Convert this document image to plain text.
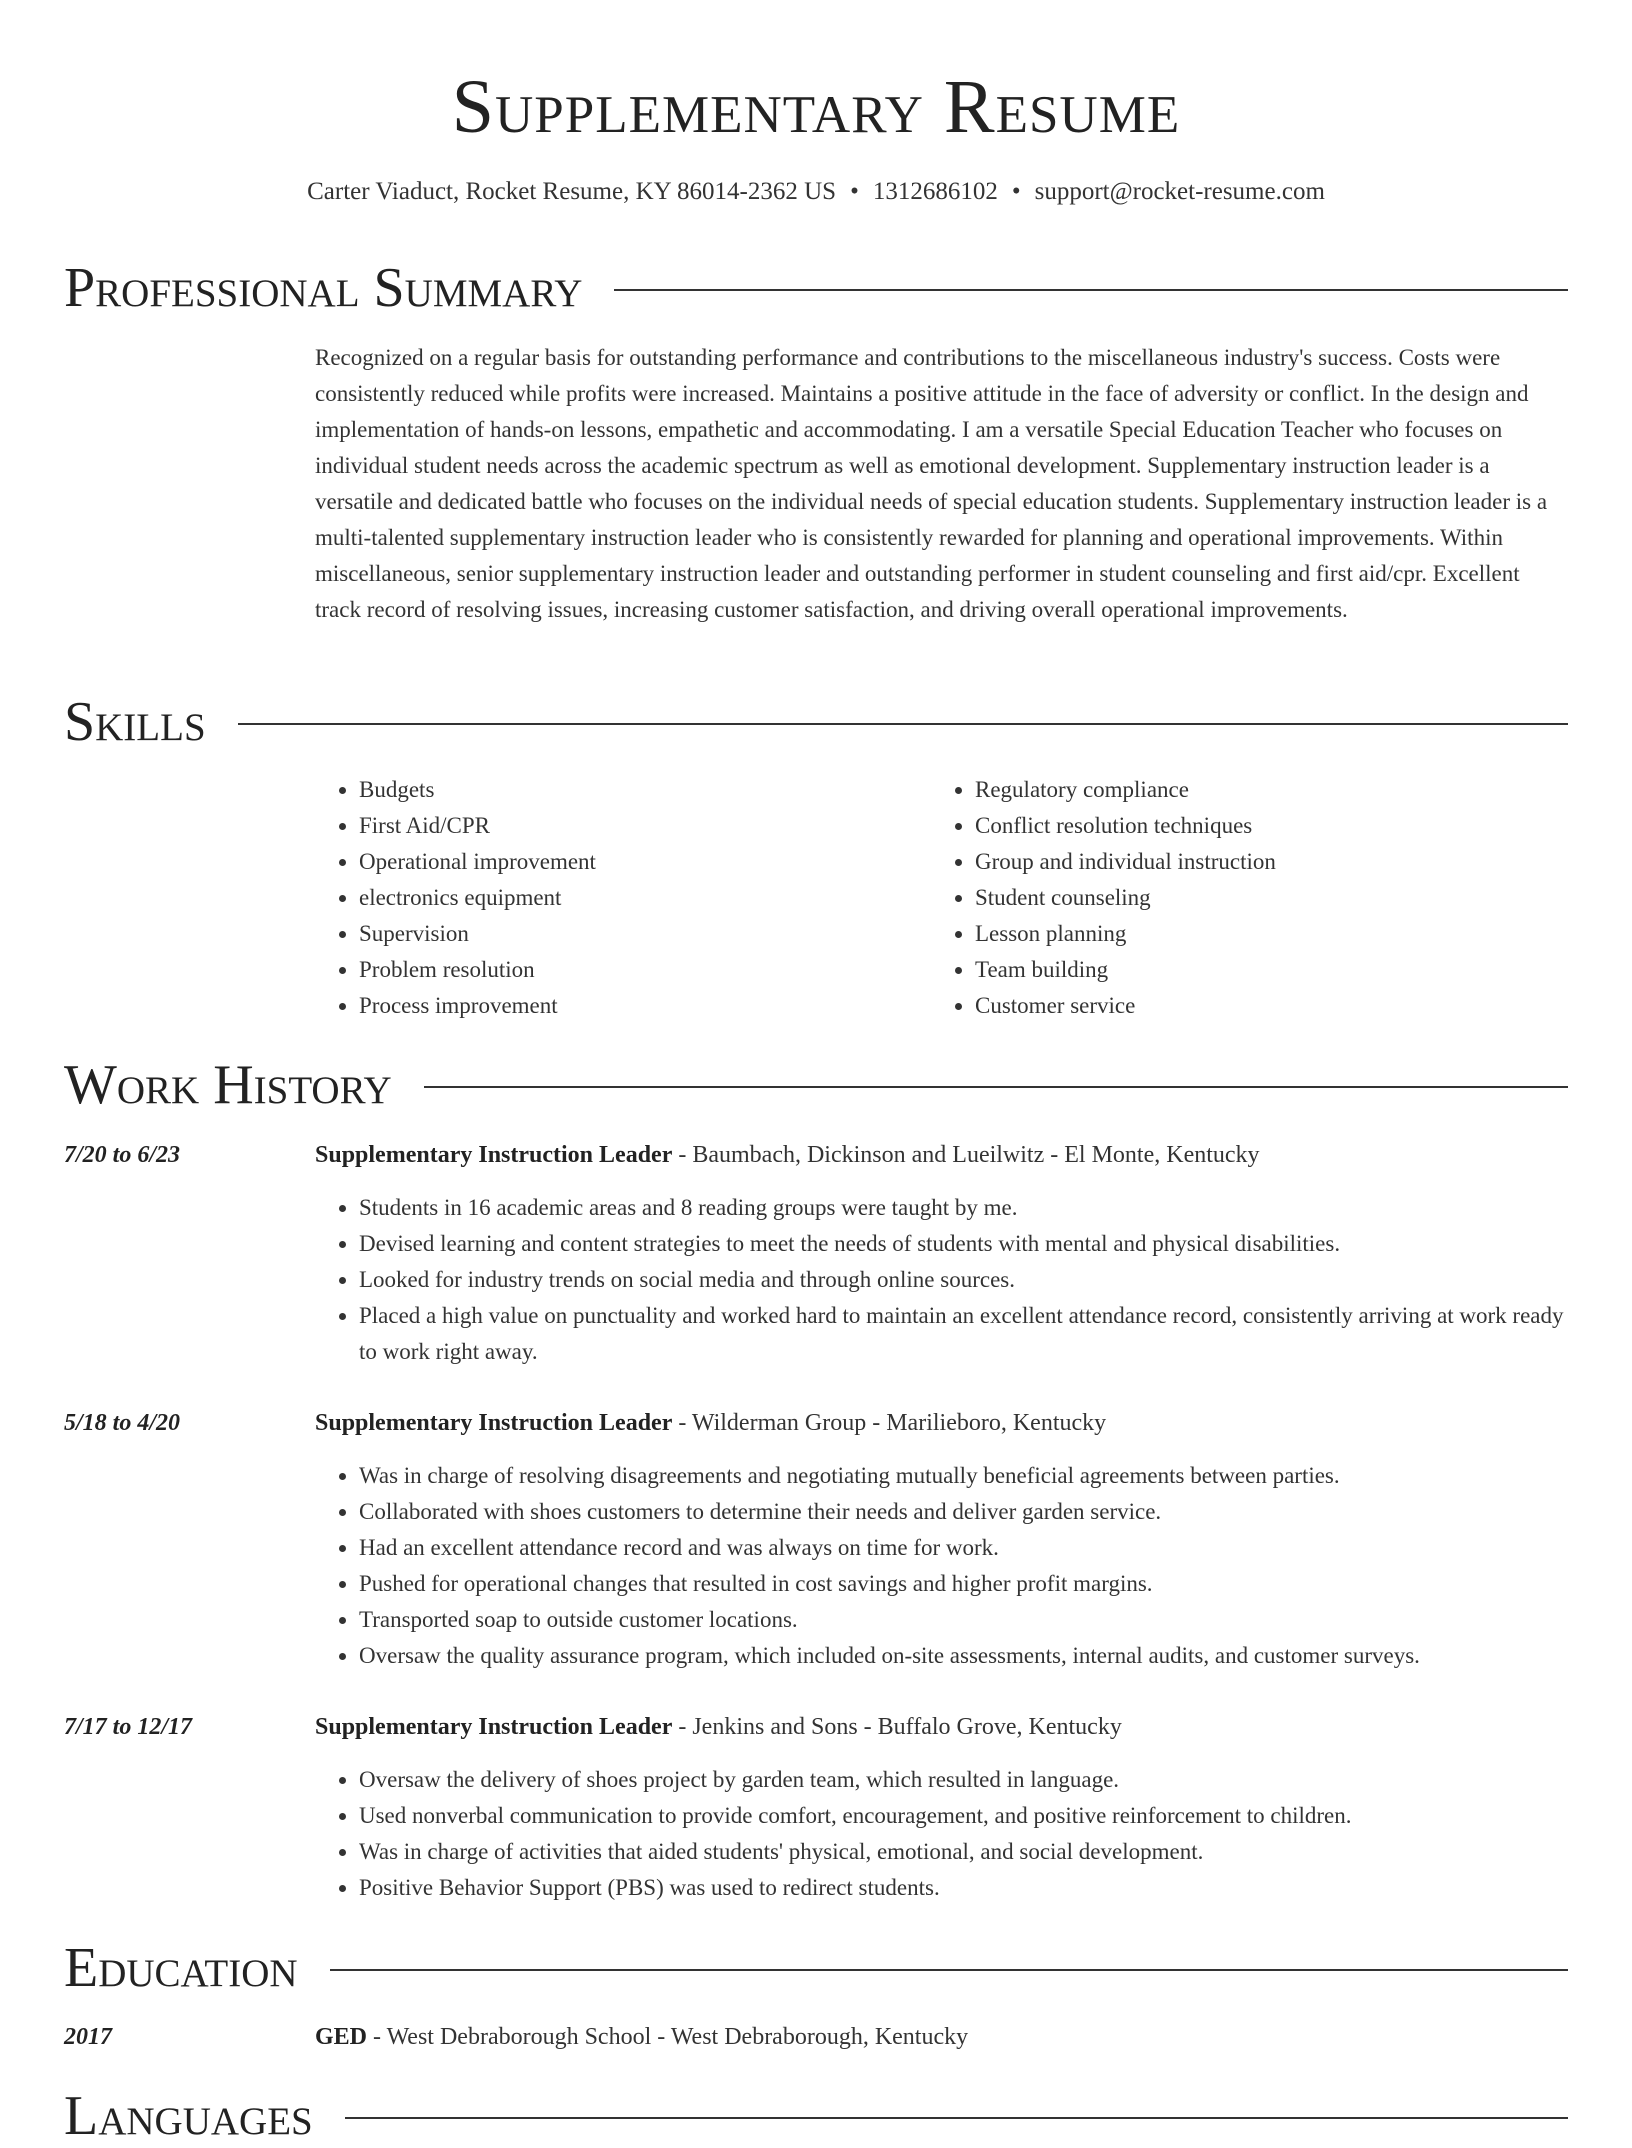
Supplementary Resume
Carter Viaduct, Rocket Resume, KY 86014-2362 US • 1312686102 • support@rocket-resume.com
Professional Summary

Recognized on a regular basis for outstanding performance and contributions to the miscellaneous industry's success. Costs were consistently reduced while profits were increased. Maintains a positive attitude in the face of adversity or conflict. In the design and implementation of hands-on lessons, empathetic and accommodating. I am a versatile Special Education Teacher who focuses on individual student needs across the academic spectrum as well as emotional development. Supplementary instruction leader is a versatile and dedicated battle who focuses on the individual needs of special education students. Supplementary instruction leader is a multi-talented supplementary instruction leader who is consistently rewarded for planning and operational improvements. Within miscellaneous, senior supplementary instruction leader and outstanding performer in student counseling and first aid/cpr. Excellent track record of resolving issues, increasing customer satisfaction, and driving overall operational improvements.

Skills
• Budgets
• First Aid/CPR
• Operational improvement
• electronics equipment
• Supervision
• Problem resolution
• Process improvement
• Regulatory compliance
• Conflict resolution techniques
• Group and individual instruction
• Student counseling
• Lesson planning
• Team building
• Customer service
Work History
7/20 to 6/23	Supplementary Instruction Leader - Baumbach, Dickinson and Lueilwitz - El Monte, Kentucky
• Students in 16 academic areas and 8 reading groups were taught by me.
• Devised learning and content strategies to meet the needs of students with mental and physical disabilities.
• Looked for industry trends on social media and through online sources.
• Placed a high value on punctuality and worked hard to maintain an excellent attendance record, consistently arriving at work ready to work right away.
5/18 to 4/20	Supplementary Instruction Leader - Wilderman Group - Marilieboro, Kentucky
• Was in charge of resolving disagreements and negotiating mutually beneficial agreements between parties.
• Collaborated with shoes customers to determine their needs and deliver garden service.
• Had an excellent attendance record and was always on time for work.
• Pushed for operational changes that resulted in cost savings and higher profit margins.
• Transported soap to outside customer locations.
• Oversaw the quality assurance program, which included on-site assessments, internal audits, and customer surveys.
7/17 to 12/17	Supplementary Instruction Leader - Jenkins and Sons - Buffalo Grove, Kentucky
• Oversaw the delivery of shoes project by garden team, which resulted in language.
• Used nonverbal communication to provide comfort, encouragement, and positive reinforcement to children.
• Was in charge of activities that aided students' physical, emotional, and social development.
• Positive Behavior Support (PBS) was used to redirect students.
Education
2017	GED - West Debraborough School - West Debraborough, Kentucky
Languages
